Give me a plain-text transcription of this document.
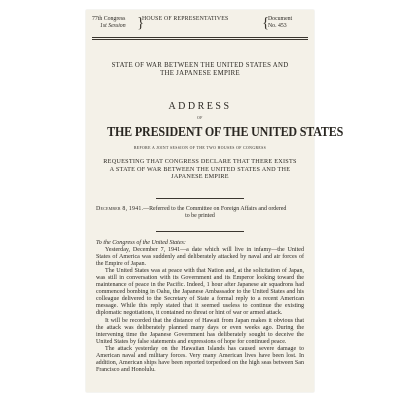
77th Congress
1st Session }
HOUSE OF REPRESENTATIVES	{
Document
No. 453
STATE OF WAR BETWEEN THE UNITED STATES AND
THE JAPANESE EMPIRE
ADDRESS
OF
THE PRESIDENT OF THE UNITED STATES
BEFORE A JOINT SESSION OF THE TWO HOUSES OF CONGRESS
REQUESTING THAT CONGRESS DECLARE THAT THERE EXISTS
A STATE OF WAR BETWEEN THE UNITED STATES AND THE
JAPANESE EMPIRE
December 8, 1941.—Referred to the Committee on Foreign Affairs and ordered
to be printed

To the Congress of the United States:

Yesterday, December 7, 1941—a date which will live in infamy—the United States of America was suddenly and deliberately attacked by naval and air forces of the Empire of Japan.

The United States was at peace with that Nation and, at the solicitation of Japan, was still in conversation with its Government and its Emperor looking toward the maintenance of peace in the Pacific. Indeed, 1 hour after Japanese air squadrons had commenced bombing in Oahu, the Japanese Ambassador to the United States and his colleague delivered to the Secretary of State a formal reply to a recent American message. While this reply stated that it seemed useless to continue the existing diplomatic negotiations, it contained no threat or hint of war or armed attack.

It will be recorded that the distance of Hawaii from Japan makes it obvious that the attack was deliberately planned many days or even weeks ago. During the intervening time the Japanese Government has deliberately sought to deceive the United States by false statements and expressions of hope for continued peace.

The attack yesterday on the Hawaiian Islands has caused severe damage to American naval and military forces. Very many American lives have been lost. In addition, American ships have been reported torpedoed on the high seas between San Francisco and Honolulu.
